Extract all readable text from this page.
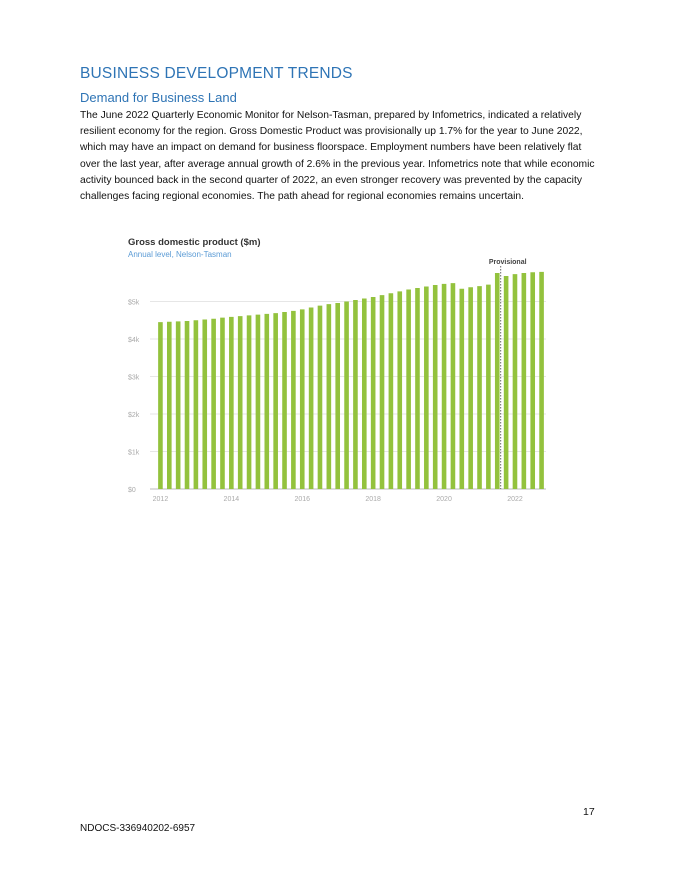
BUSINESS DEVELOPMENT TRENDS
Demand for Business Land
The June 2022 Quarterly Economic Monitor for Nelson-Tasman, prepared by Infometrics, indicated a relatively resilient economy for the region. Gross Domestic Product was provisionally up 1.7% for the year to June 2022, which may have an impact on demand for business floorspace. Employment numbers have been relatively flat over the last year, after average annual growth of 2.6% in the previous year. Infometrics note that while economic activity bounced back in the second quarter of 2022, an even stronger recovery was prevented by the capacity challenges facing regional economies. The path ahead for regional economies remains uncertain.
Gross domestic product ($m)
Annual level, Nelson-Tasman
$0
$1k
$2k
$3k
$4k
$5k
2012	2014	2016	2018	2020	2022
Provisional
17
NDOCS-336940202-6957
